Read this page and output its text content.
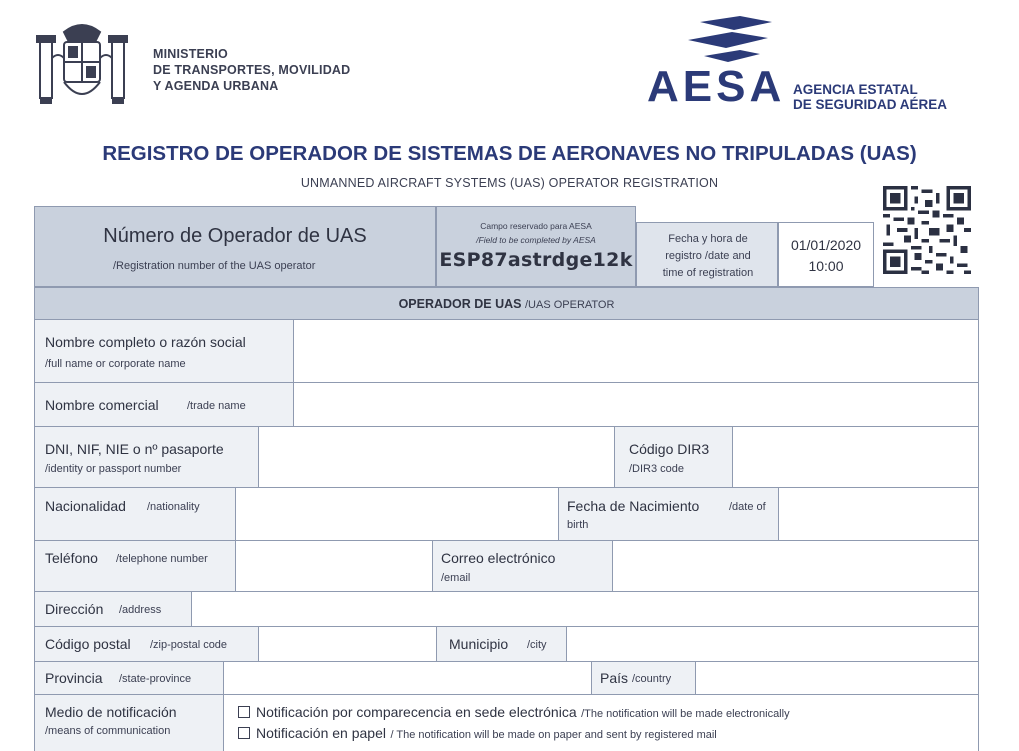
MINISTERIO
DE TRANSPORTES, MOVILIDAD
Y AGENDA URBANA	AESA AGENCIA ESTATAL
DE SEGURIDAD AÉREA
REGISTRO DE OPERADOR DE SISTEMAS DE AERONAVES NO TRIPULADAS (UAS)
UNMANNED AIRCRAFT SYSTEMS (UAS) OPERATOR REGISTRATION
Número de Operador de UAS
/Registration number of the UAS operator
Campo reservado para AESA
/Field to be completed by AESA
ESP87astrdge12k
Fecha y hora de
registro /date and
time of registration
01/01/2020
10:00
OPERADOR DE UAS /UAS OPERATOR
Nombre completo o razón social
/full name or corporate name
Nombre comercial	/trade name
DNI, NIF, NIE o nº pasaporte
/identity or passport number
Código DIR3
/DIR3 code
Nacionalidad /nationality	Fecha de Nacimiento	/date of
birth
Teléfono /telephone number	Correo electrónico
/email
Dirección /address
Código postal /zip-postal code	Municipio /city
Provincia /state-province	País /country
Medio de notificación
/means of communication
Notificación por comparecencia en sede electrónica /The notification will be made electronically
Notificación en papel / The notification will be made on paper and sent by registered mail
